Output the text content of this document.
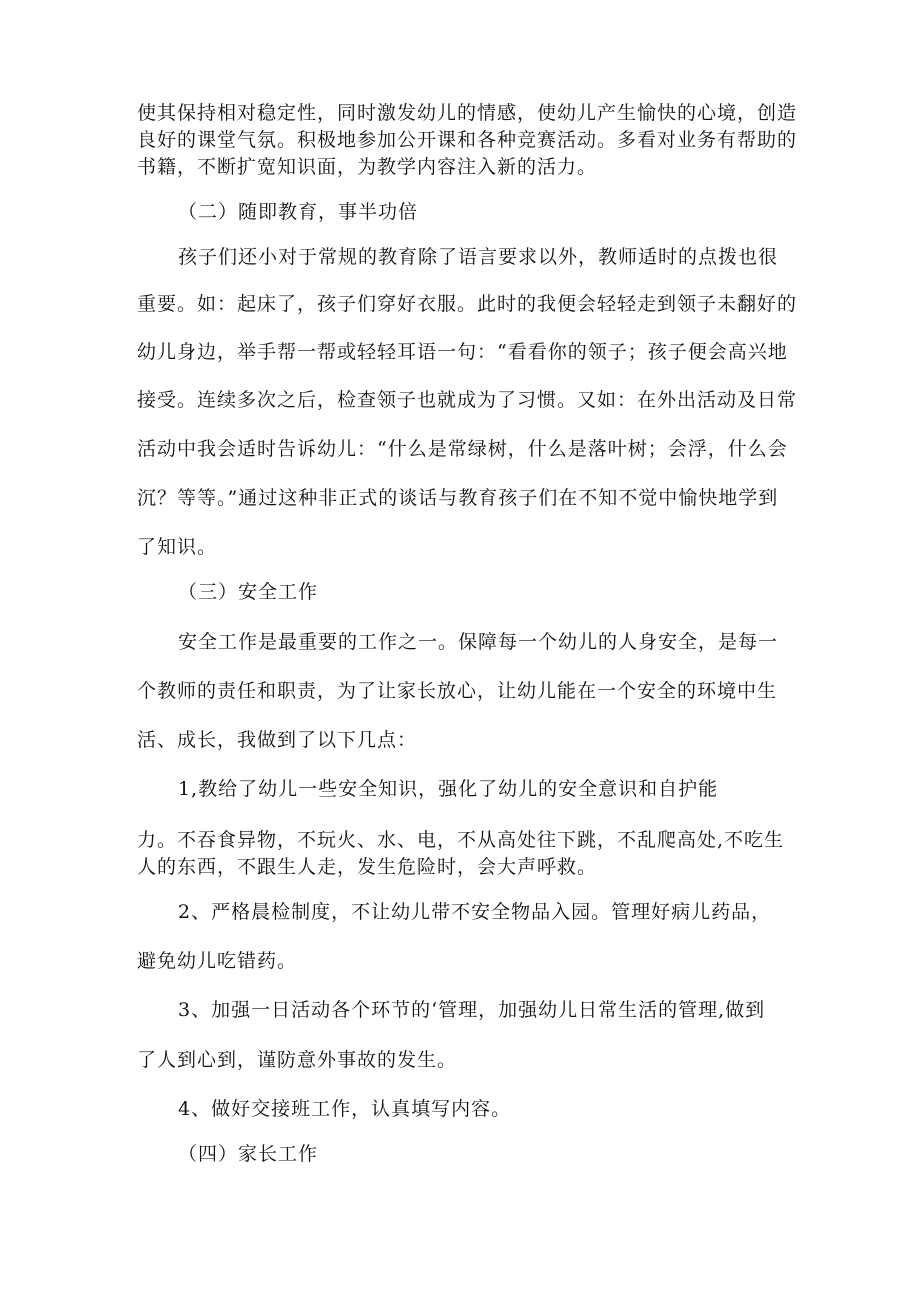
使其保持相对稳定性，同时激发幼儿的情感，使幼儿产生愉快的心境，创造
良好的课堂气氛。积极地参加公开课和各种竞赛活动。多看对业务有帮助的
书籍，不断扩宽知识面，为教学内容注入新的活力。
（二）随即教育，事半功倍
孩子们还小对于常规的教育除了语言要求以外，教师适时的点拨也很
重要。如：起床了，孩子们穿好衣服。此时的我便会轻轻走到领子未翻好的
幼儿身边，举手帮一帮或轻轻耳语一句：“看看你的领子；孩子便会高兴地
接受。连续多次之后，检查领子也就成为了习惯。又如：在外出活动及日常
活动中我会适时告诉幼儿：“什么是常绿树，什么是落叶树；会浮，什么会
沉？等等。”通过这种非正式的谈话与教育孩子们在不知不觉中愉快地学到
了知识。
（三）安全工作
安全工作是最重要的工作之一。保障每一个幼儿的人身安全，是每一
个教师的责任和职责，为了让家长放心，让幼儿能在一个安全的环境中生
活、成长，我做到了以下几点：
1,教给了幼儿一些安全知识，强化了幼儿的安全意识和自护能
力。不吞食异物，不玩火、水、电，不从高处往下跳，不乱爬高处,不吃生
人的东西，不跟生人走，发生危险时，会大声呼救。
2、严格晨检制度，不让幼儿带不安全物品入园。管理好病儿药品，
避免幼儿吃错药。
3、加强一日活动各个环节的‘管理，加强幼儿日常生活的管理,做到
了人到心到，谨防意外事故的发生。
4、做好交接班工作，认真填写内容。
（四）家长工作
